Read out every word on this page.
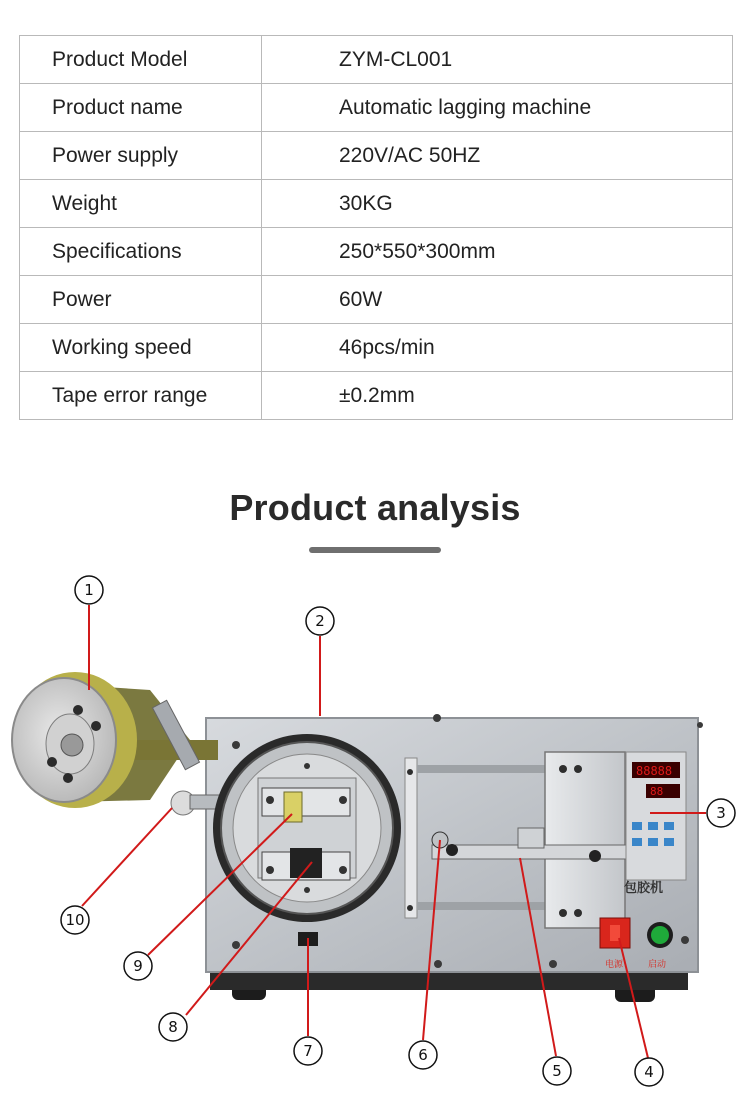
Product Model	ZYM-CL001
Product name	Automatic lagging machine
Power supply	220V/AC 50HZ
Weight	30KG
Specifications	250*550*300mm
Power	60W
Working speed	46pcs/min
Tape error range	±0.2mm
Product analysis
88888
88
包胶机
电源	启动
1
2
3
4
5
6
7
8
9
10
